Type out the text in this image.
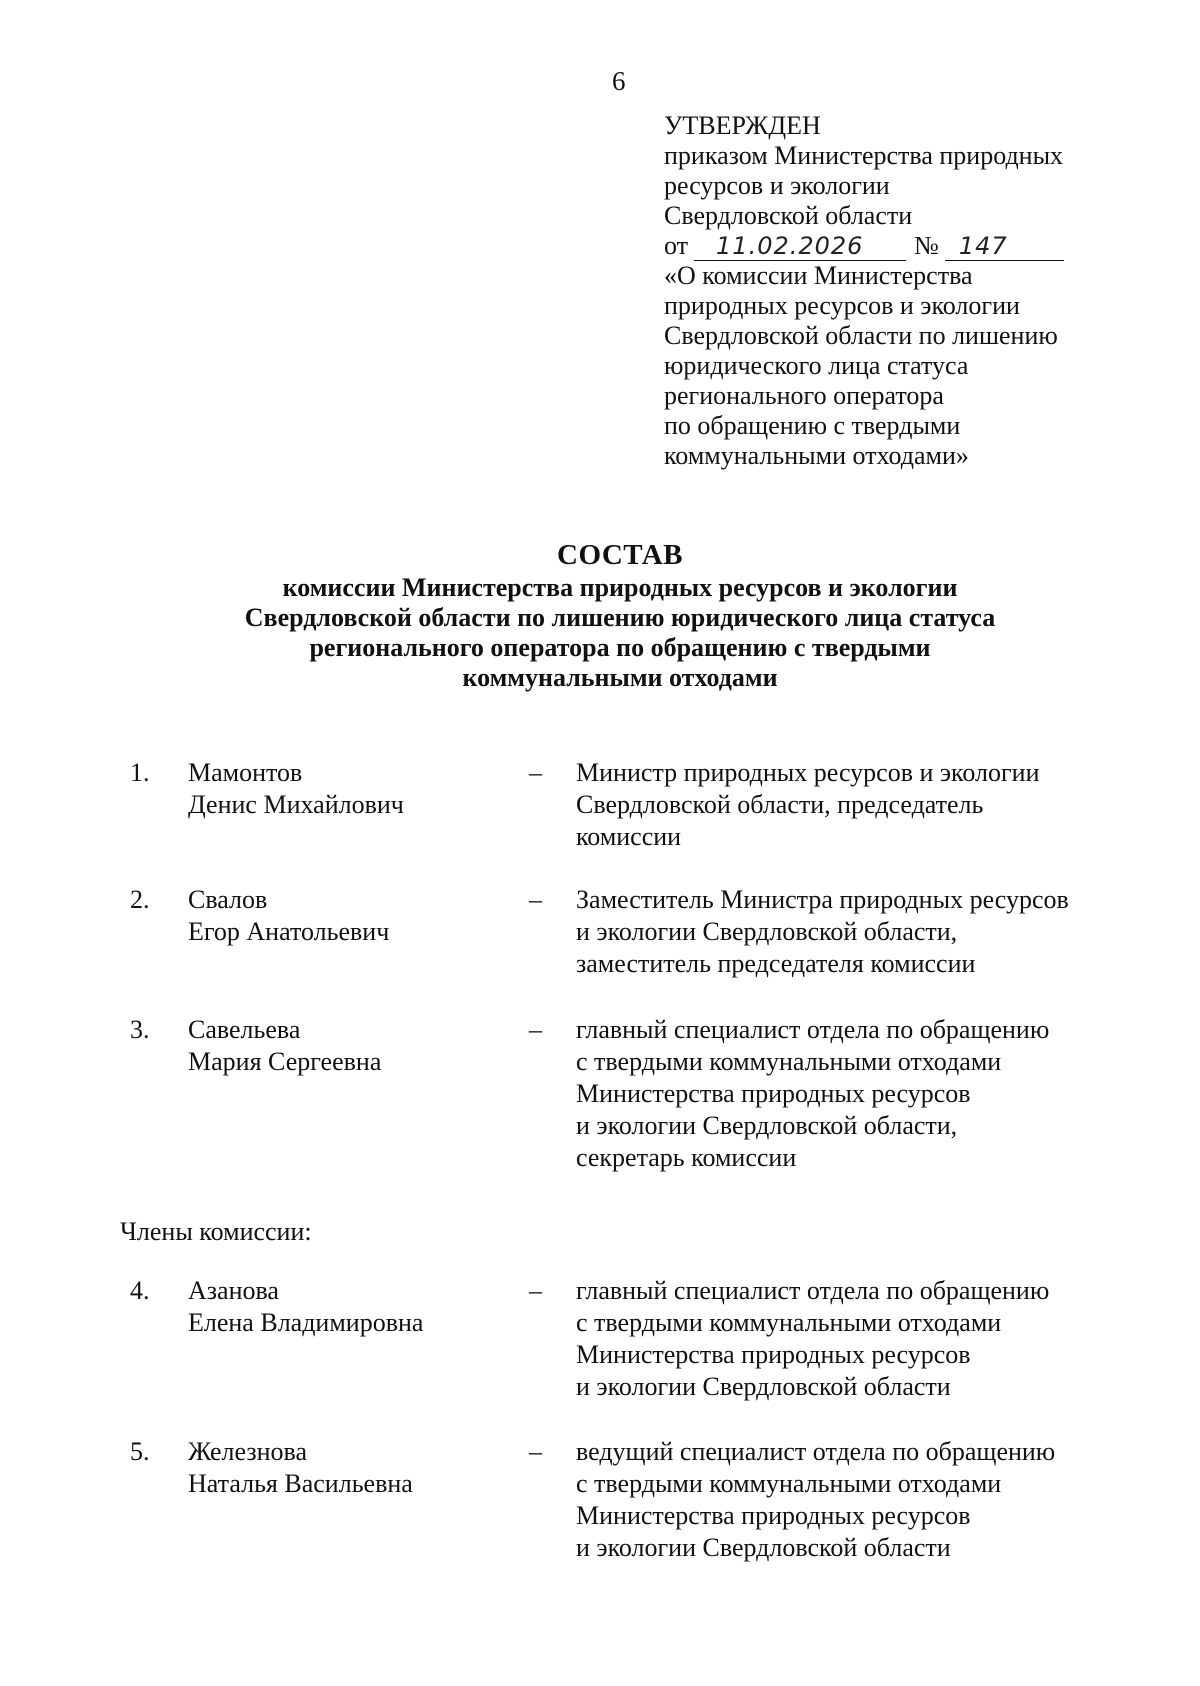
6
УТВЕРЖДЕН
приказом Министерства природных
ресурсов и экологии
Свердловской области
от	11.02.2026	№ 147
«О комиссии Министерства
природных ресурсов и экологии
Свердловской области по лишению
юридического лица статуса
регионального оператора
по обращению с твердыми
коммунальными отходами»
СОСТАВ
комиссии Министерства природных ресурсов и экологии
Свердловской области по лишению юридического лица статуса
регионального оператора по обращению с твердыми
коммунальными отходами
1. Мамонтов
Денис Михайлович
– Министр природных ресурсов и экологии
Свердловской области, председатель
комиссии
2. Свалов
Егор Анатольевич
– Заместитель Министра природных ресурсов
и экологии Свердловской области,
заместитель председателя комиссии
3. Савельева
Мария Сергеевна
– главный специалист отдела по обращению
с твердыми коммунальными отходами
Министерства природных ресурсов
и экологии Свердловской области,
секретарь комиссии
Члены комиссии:
4. Азанова
Елена Владимировна
– главный специалист отдела по обращению
с твердыми коммунальными отходами
Министерства природных ресурсов
и экологии Свердловской области
5. Железнова
Наталья Васильевна
– ведущий специалист отдела по обращению
с твердыми коммунальными отходами
Министерства природных ресурсов
и экологии Свердловской области
